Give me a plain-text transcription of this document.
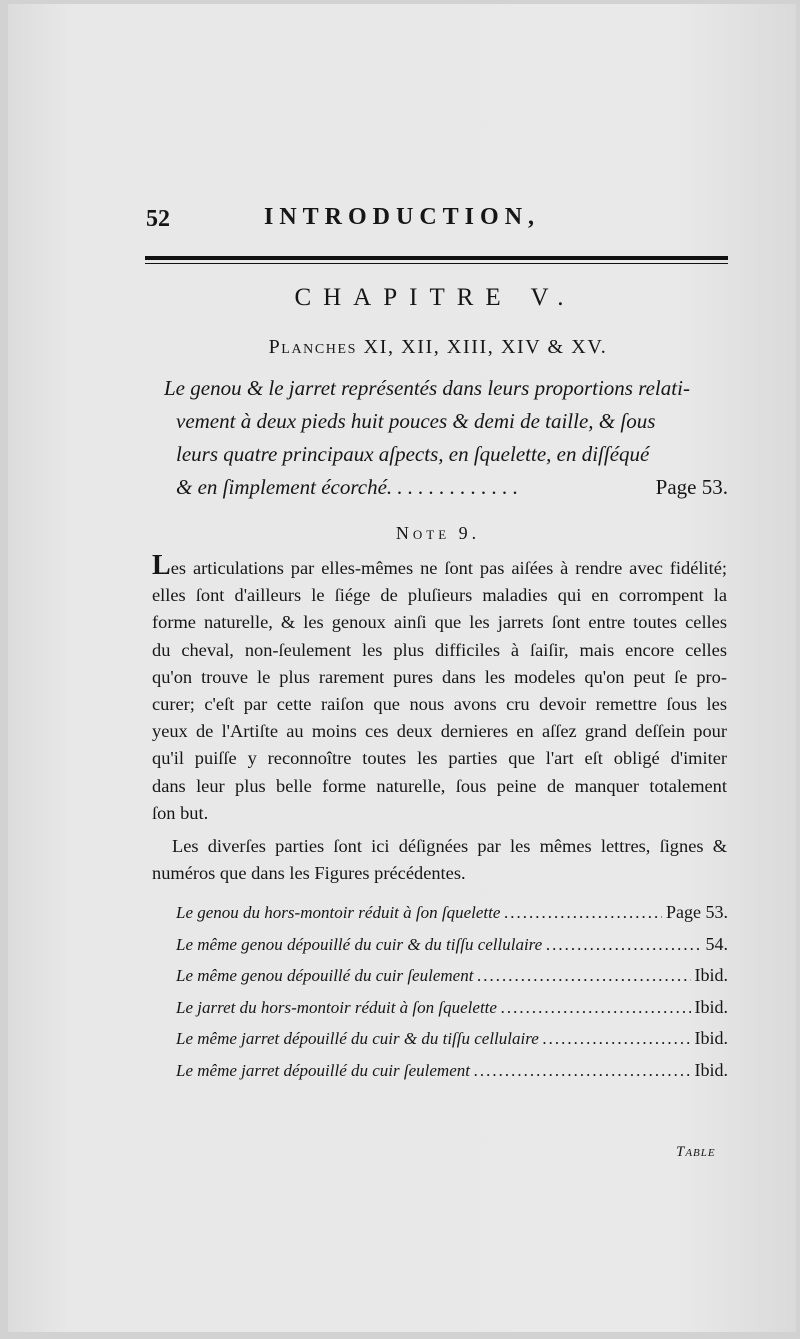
52	INTRODUCTION,
CHAPITRE V.
Planches XI, XII, XIII, XIV & XV.
Le genou & le jarret représentés dans leurs proportions relati-
vement à deux pieds huit pouces & demi de taille, & ſous
leurs quatre principaux aſpects, en ſquelette, en diſſéqué
& en ſimplement écorché. . . . . . . . . . . . .	Page 53.
Note 9.
Les articulations par elles-mêmes ne ſont pas aiſées à rendre avec fidélité;
elles ſont d'ailleurs le ſiége de pluſieurs maladies qui en corrompent la
forme naturelle, & les genoux ainſi que les jarrets ſont entre toutes celles
du cheval, non-ſeulement les plus difficiles à ſaiſir, mais encore celles
qu'on trouve le plus rarement pures dans les modeles qu'on peut ſe pro-
curer; c'eſt par cette raiſon que nous avons cru devoir remettre ſous les
yeux de l'Artiſte au moins ces deux dernieres en aſſez grand deſſein pour
qu'il puiſſe y reconnoître toutes les parties que l'art eſt obligé d'imiter
dans leur plus belle forme naturelle, ſous peine de manquer totalement
ſon but.
Les diverſes parties ſont ici déſignées par les mêmes lettres, ſignes &
numéros que dans les Figures précédentes.
Le genou du hors-montoir réduit à ſon ſquelette .....	Page 53.
Le même genou dépouillé du cuir & du tiſſu cellulaire .....	54.
Le même genou dépouillé du cuir ſeulement .....	Ibid.
Le jarret du hors-montoir réduit à ſon ſquelette .....	Ibid.
Le même jarret dépouillé du cuir & du tiſſu cellulaire .....	Ibid.
Le même jarret dépouillé du cuir ſeulement .....	Ibid.
Table
